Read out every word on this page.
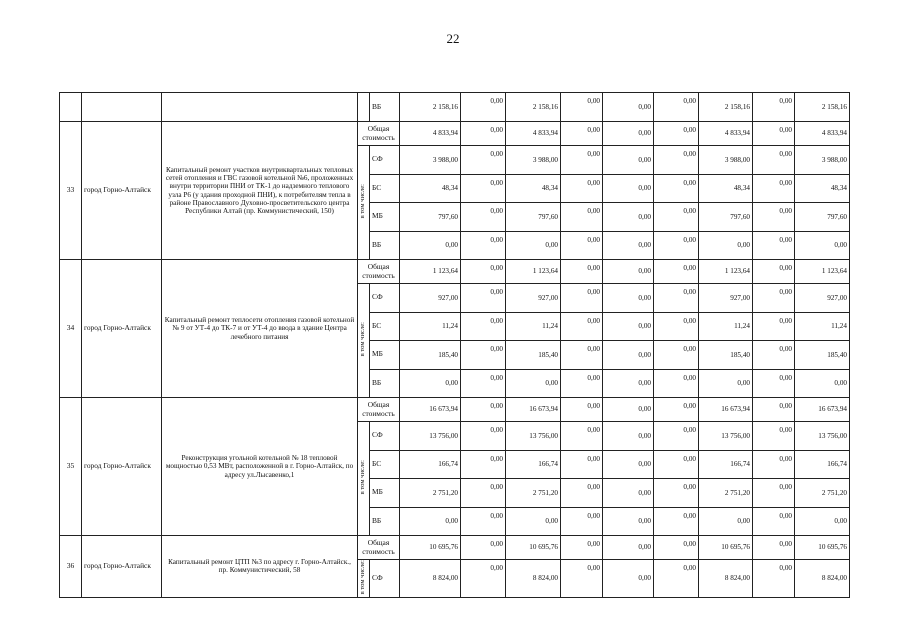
22
				ВБ	2 158,16	0,00	2 158,16	0,00	0,00	0,00	2 158,16	0,00	2 158,16
33	город Горно-Алтайск	Капитальный ремонт участков внутриквартальных тепловых сетей отопления и ГВС газовой котельной №6, проложенных внутри территории ПНИ от ТК-1 до надземного теплового узла Р6 (у здания проходной ПНИ), к потребителям тепла в районе Православного Духовно-просветительского центра Республики Алтай (пр. Коммунистический, 150)	Общая стоимость		4 833,94	0,00	4 833,94	0,00	0,00	0,00	4 833,94	0,00	4 833,94
			в том числе:	СФ	3 988,00	0,00	3 988,00	0,00	0,00	0,00	3 988,00	0,00	3 988,00
				БС	48,34	0,00	48,34	0,00	0,00	0,00	48,34	0,00	48,34
				МБ	797,60	0,00	797,60	0,00	0,00	0,00	797,60	0,00	797,60
				ВБ	0,00	0,00	0,00	0,00	0,00	0,00	0,00	0,00	0,00
34	город Горно-Алтайск	Капитальный ремонт теплосети отопления газовой котельной № 9 от УТ-4 до ТК-7 и от УТ-4 до ввода в здание Центра лечебного питания	Общая стоимость		1 123,64	0,00	1 123,64	0,00	0,00	0,00	1 123,64	0,00	1 123,64
			в том числе:	СФ	927,00	0,00	927,00	0,00	0,00	0,00	927,00	0,00	927,00
				БС	11,24	0,00	11,24	0,00	0,00	0,00	11,24	0,00	11,24
				МБ	185,40	0,00	185,40	0,00	0,00	0,00	185,40	0,00	185,40
				ВБ	0,00	0,00	0,00	0,00	0,00	0,00	0,00	0,00	0,00
35	город Горно-Алтайск	Реконструкция угольной котельной № 18 тепловой мощностью 0,53 МВт, расположенной в г. Горно-Алтайск, по адресу ул.Лысавенко,1	Общая стоимость		16 673,94	0,00	16 673,94	0,00	0,00	0,00	16 673,94	0,00	16 673,94
			в том числе:	СФ	13 756,00	0,00	13 756,00	0,00	0,00	0,00	13 756,00	0,00	13 756,00
				БС	166,74	0,00	166,74	0,00	0,00	0,00	166,74	0,00	166,74
				МБ	2 751,20	0,00	2 751,20	0,00	0,00	0,00	2 751,20	0,00	2 751,20
				ВБ	0,00	0,00	0,00	0,00	0,00	0,00	0,00	0,00	0,00
36	город Горно-Алтайск	Капитальный ремонт ЦТП №3 по адресу г. Горно-Алтайск., пр. Коммунистический, 58	Общая стоимость		10 695,76	0,00	10 695,76	0,00	0,00	0,00	10 695,76	0,00	10 695,76
			в том числе:	СФ	8 824,00	0,00	8 824,00	0,00	0,00	0,00	8 824,00	0,00	8 824,00
